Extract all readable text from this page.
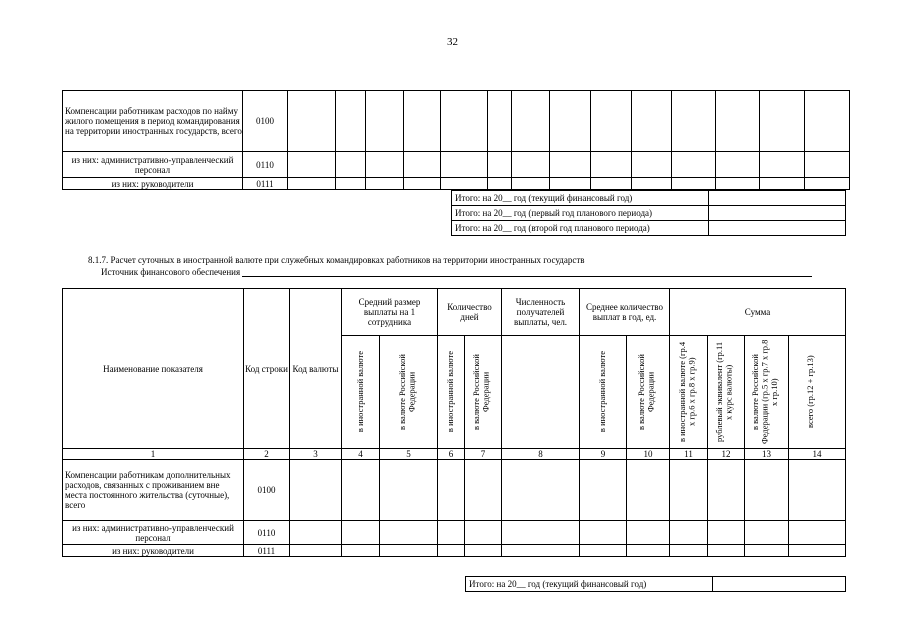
32
Компенсации работникам расходов по найму жилого помещения в период командирования на территории иностранных государств, всего	0100														
из них: административно-управленческий персонал	0110														
из них: руководители	0111														
Итого: на 20__ год (текущий финансовый год)	
Итого: на 20__ год (первый год планового периода)	
Итого: на 20__ год (второй год планового периода)	
8.1.7. Расчет суточных в иностранной валюте при служебных командировках работников на территории иностранных государств
Источник финансового обеспечения
Наименование показателя	Код строки	Код валюты	Средний размер выплаты на 1 сотрудника		Количество дней		Численность получателей выплаты, чел.	Среднее количество выплат в год, ед.		Сумма			

			в иностранной валюте	в валюте Российской Федерации	в иностранной валюте	в валюте Российской Федерации		в иностранной валюте	в валюте Российской Федерации	в иностранной валюте (гр.4 х гр.6 х гр.8 х гр.9)	рублевый эквивалент (гр.11 х курс валюты)	в валюте Российской Федерации (гр.5 х гр.7 х гр.8 х гр.10)	всего (гр.12 + гр.13)

1	2	3	4	5	6	7	8	9	10	11	12	13	14
Компенсации работникам дополнительных расходов, связанных с проживанием вне места постоянного жительства (суточные), всего	0100												
из них: административно-управленческий персонал	0110												
из них: руководители	0111												
Итого: на 20__ год (текущий финансовый год)	
